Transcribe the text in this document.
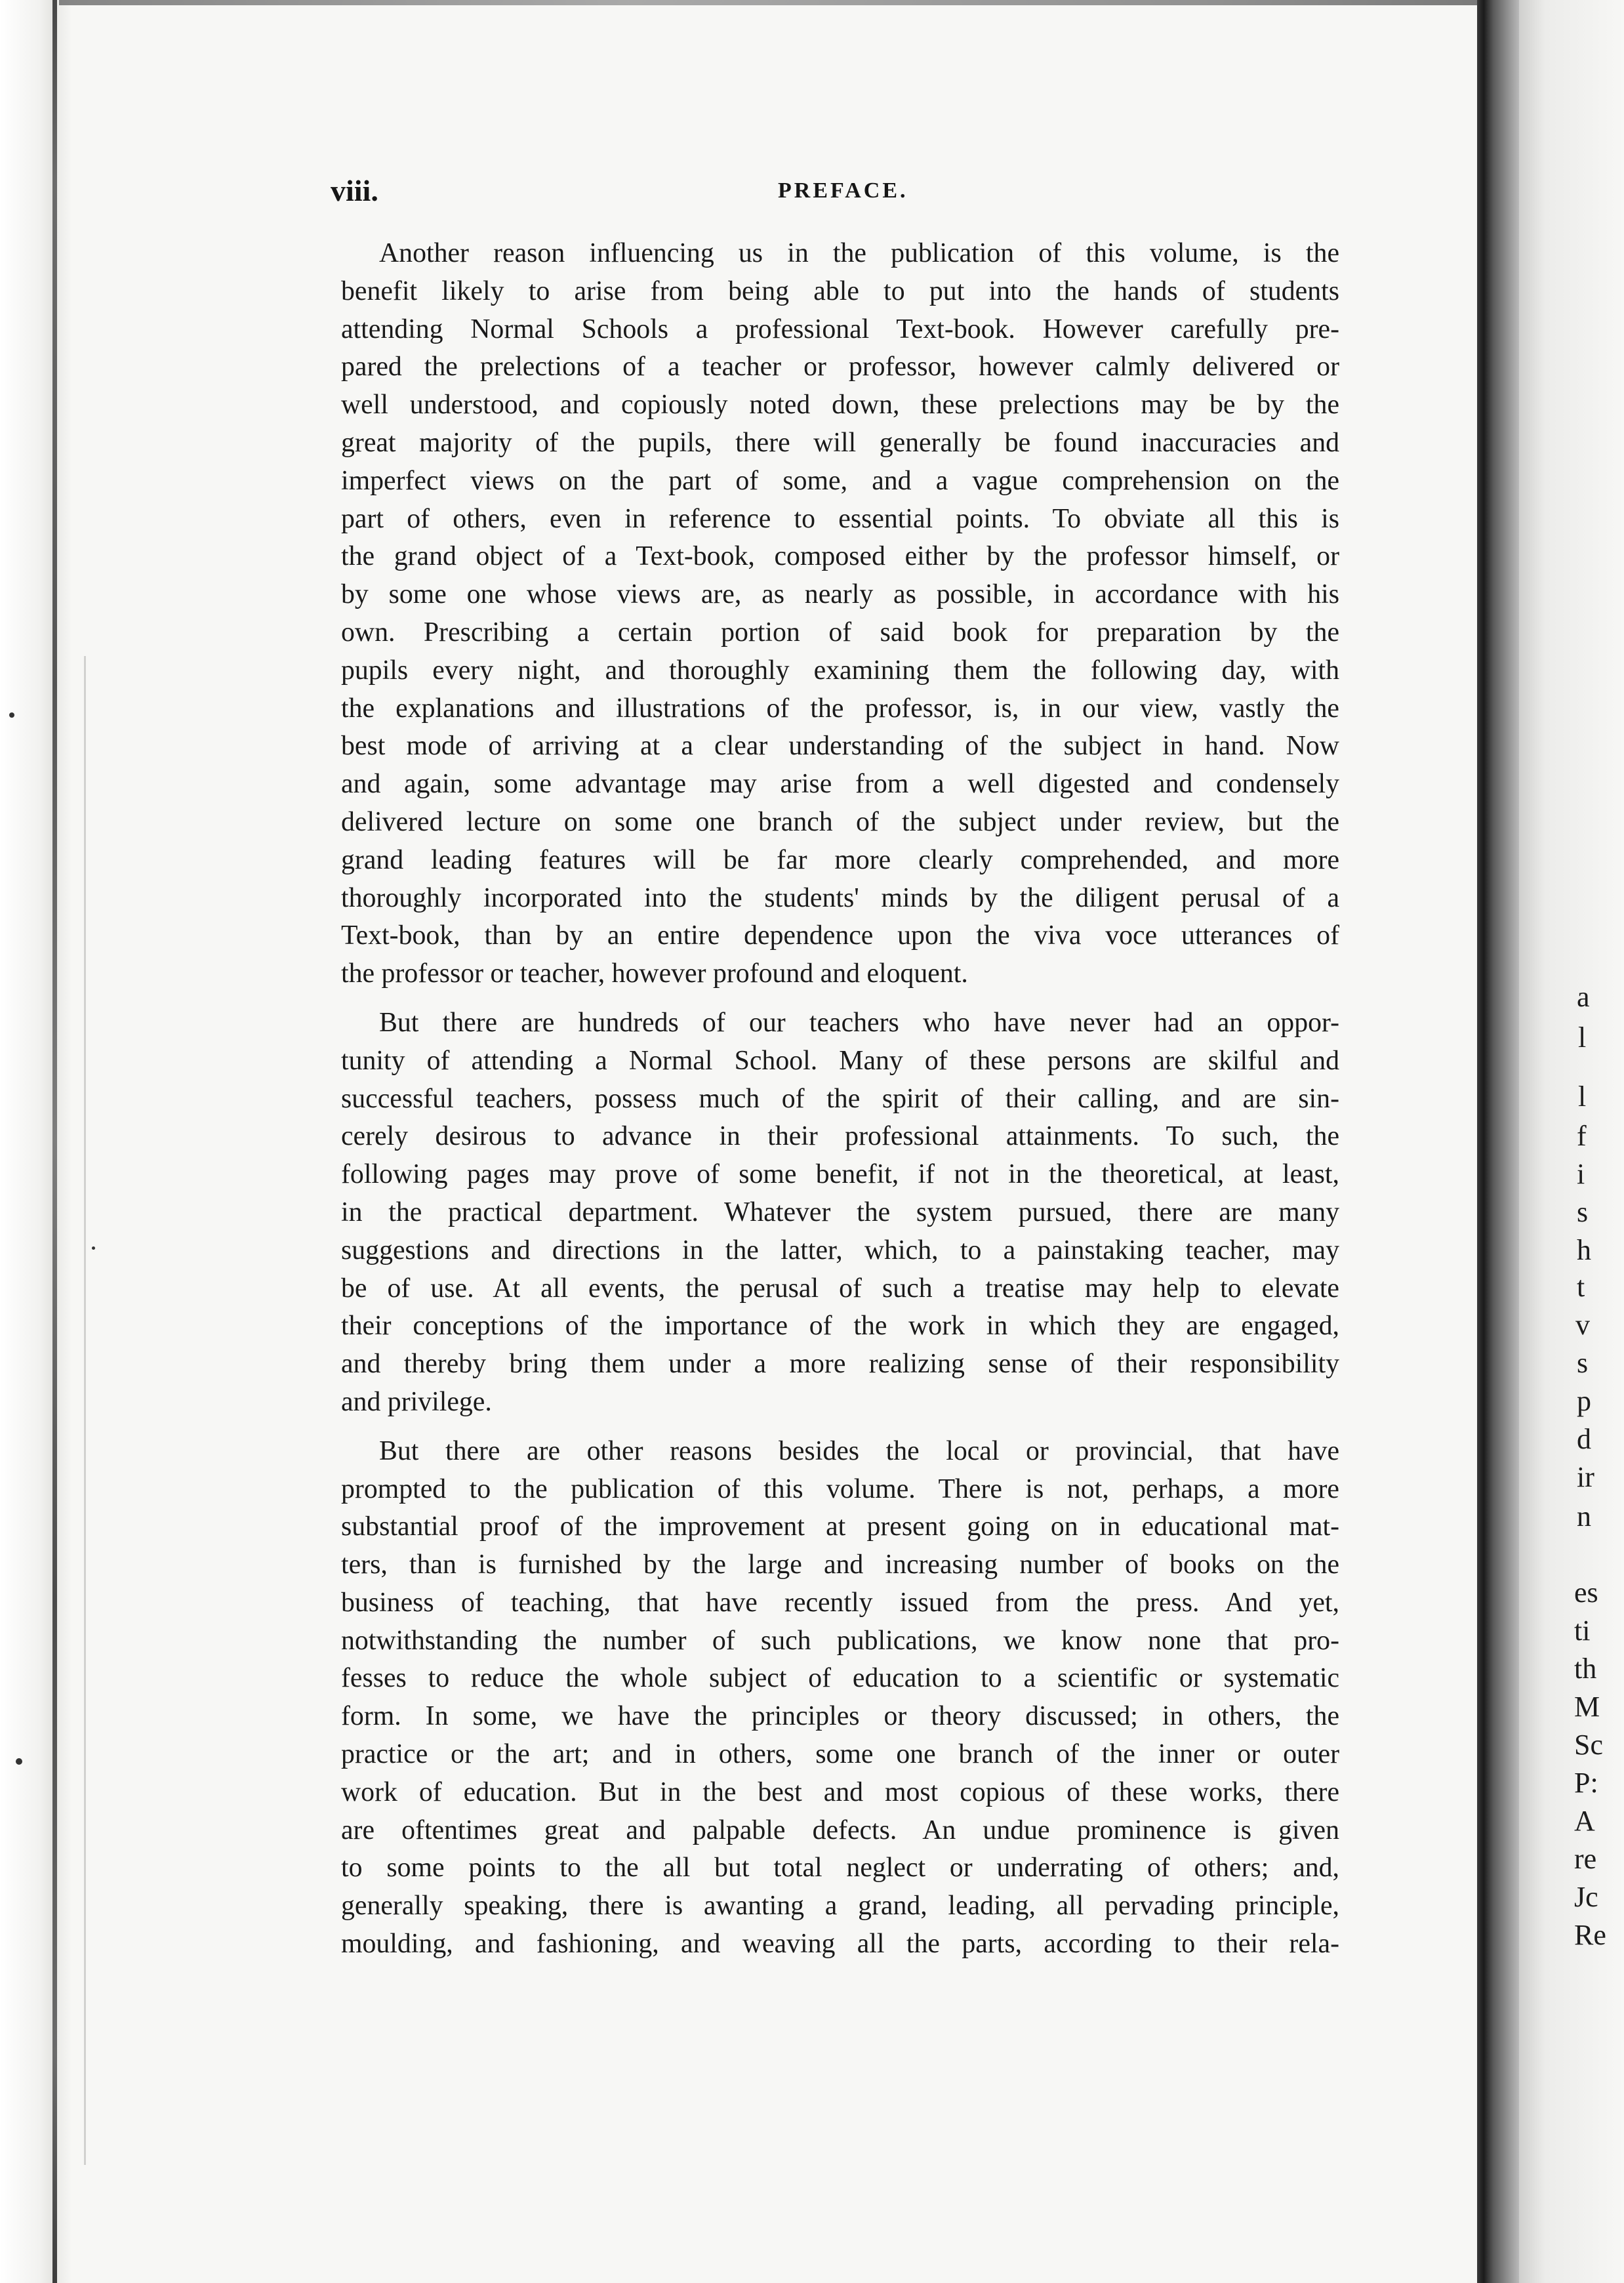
viii.	PREFACE.

Another reason influencing us in the publication of this volume, is the
benefit likely to arise from being able to put into the hands of students
attending Normal Schools a professional Text-book. However carefully pre-
pared the prelections of a teacher or professor, however calmly delivered or
well understood, and copiously noted down, these prelections may be by the
great majority of the pupils, there will generally be found inaccuracies and
imperfect views on the part of some, and a vague comprehension on the
part of others, even in reference to essential points. To obviate all this is
the grand object of a Text-book, composed either by the professor himself, or
by some one whose views are, as nearly as possible, in accordance with his
own. Prescribing a certain portion of said book for preparation by the
pupils every night, and thoroughly examining them the following day, with
the explanations and illustrations of the professor, is, in our view, vastly the
best mode of arriving at a clear understanding of the subject in hand. Now
and again, some advantage may arise from a well digested and condensely
delivered lecture on some one branch of the subject under review, but the
grand leading features will be far more clearly comprehended, and more
thoroughly incorporated into the students' minds by the diligent perusal of a
Text-book, than by an entire dependence upon the viva voce utterances of
the professor or teacher, however profound and eloquent.

But there are hundreds of our teachers who have never had an oppor-
tunity of attending a Normal School. Many of these persons are skilful and
successful teachers, possess much of the spirit of their calling, and are sin-
cerely desirous to advance in their professional attainments. To such, the
following pages may prove of some benefit, if not in the theoretical, at least,
in the practical department. Whatever the system pursued, there are many
suggestions and directions in the latter, which, to a painstaking teacher, may
be of use. At all events, the perusal of such a treatise may help to elevate
their conceptions of the importance of the work in which they are engaged,
and thereby bring them under a more realizing sense of their responsibility
and privilege.

But there are other reasons besides the local or provincial, that have
prompted to the publication of this volume. There is not, perhaps, a more
substantial proof of the improvement at present going on in educational mat-
ters, than is furnished by the large and increasing number of books on the
business of teaching, that have recently issued from the press. And yet,
notwithstanding the number of such publications, we know none that pro-
fesses to reduce the whole subject of education to a scientific or systematic
form. In some, we have the principles or theory discussed; in others, the
practice or the art; and in others, some one branch of the inner or outer
work of education. But in the best and most copious of these works, there
are oftentimes great and palpable defects. An undue prominence is given
to some points to the all but total neglect or underrating of others; and,
generally speaking, there is awanting a grand, leading, all pervading principle,
moulding, and fashioning, and weaving all the parts, according to their rela-

a
l
l
f
i
s
h
t
v
s
p
d
ir
n
es
ti
th
M
Sc
P:
A
re
Jc
Re
